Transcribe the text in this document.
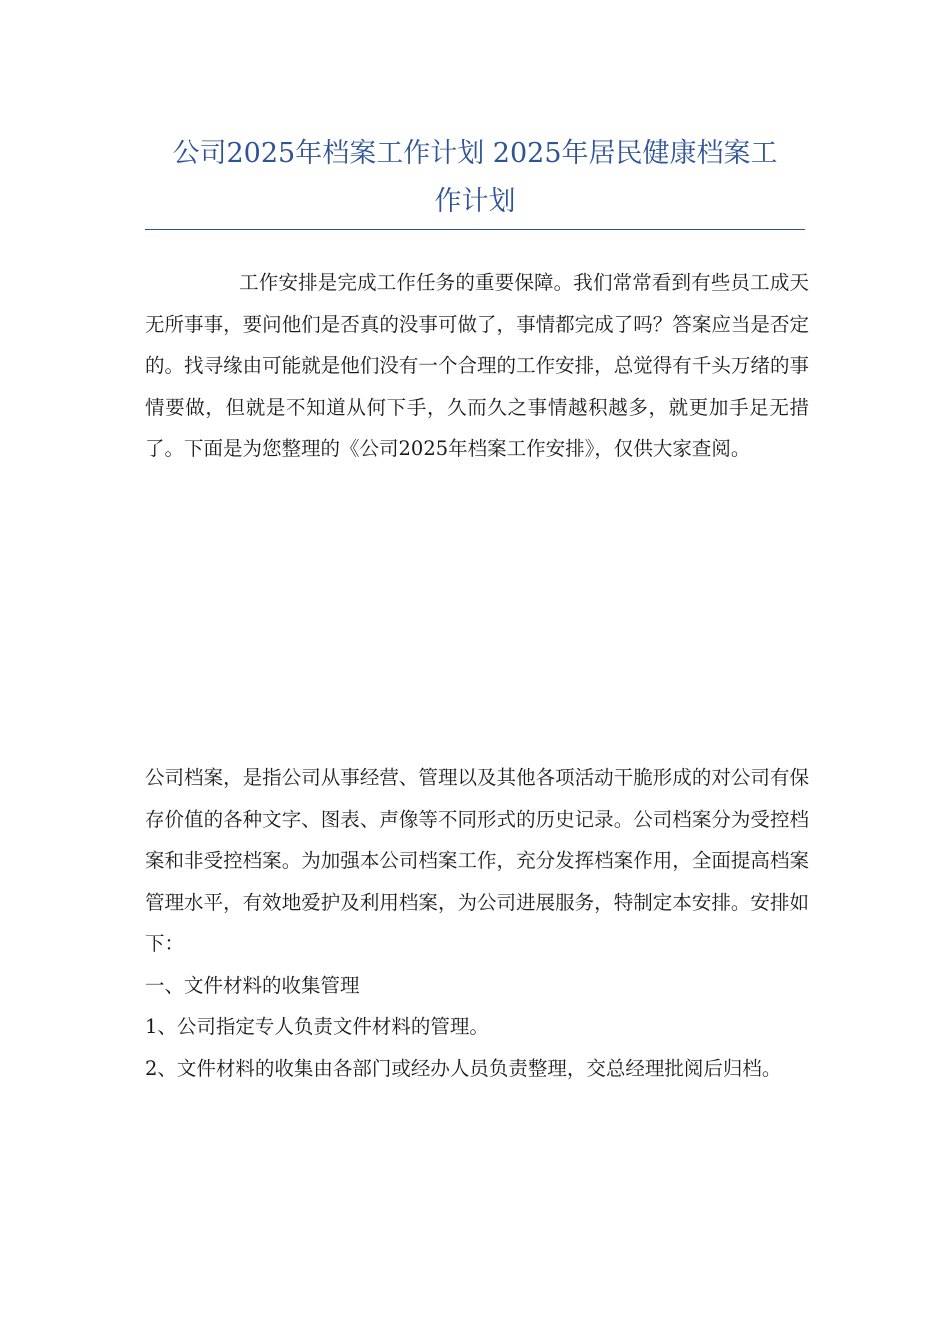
公司2025年档案工作计划 2025年居民健康档案工
作计划

工作安排是完成工作任务的重要保障。我们常常看到有些员工成天无所事事，要问他们是否真的没事可做了，事情都完成了吗？答案应当是否定的。找寻缘由可能就是他们没有一个合理的工作安排，总觉得有千头万绪的事情要做，但就是不知道从何下手，久而久之事情越积越多，就更加手足无措了。下面是为您整理的《公司2025年档案工作安排》，仅供大家查阅。

公司档案，是指公司从事经营、管理以及其他各项活动干脆形成的对公司有保存价值的各种文字、图表、声像等不同形式的历史记录。公司档案分为受控档案和非受控档案。为加强本公司档案工作，充分发挥档案作用，全面提高档案管理水平，有效地爱护及利用档案，为公司进展服务，特制定本安排。安排如下：

一、文件材料的收集管理

1、公司指定专人负责文件材料的管理。

2、文件材料的收集由各部门或经办人员负责整理，交总经理批阅后归档。
